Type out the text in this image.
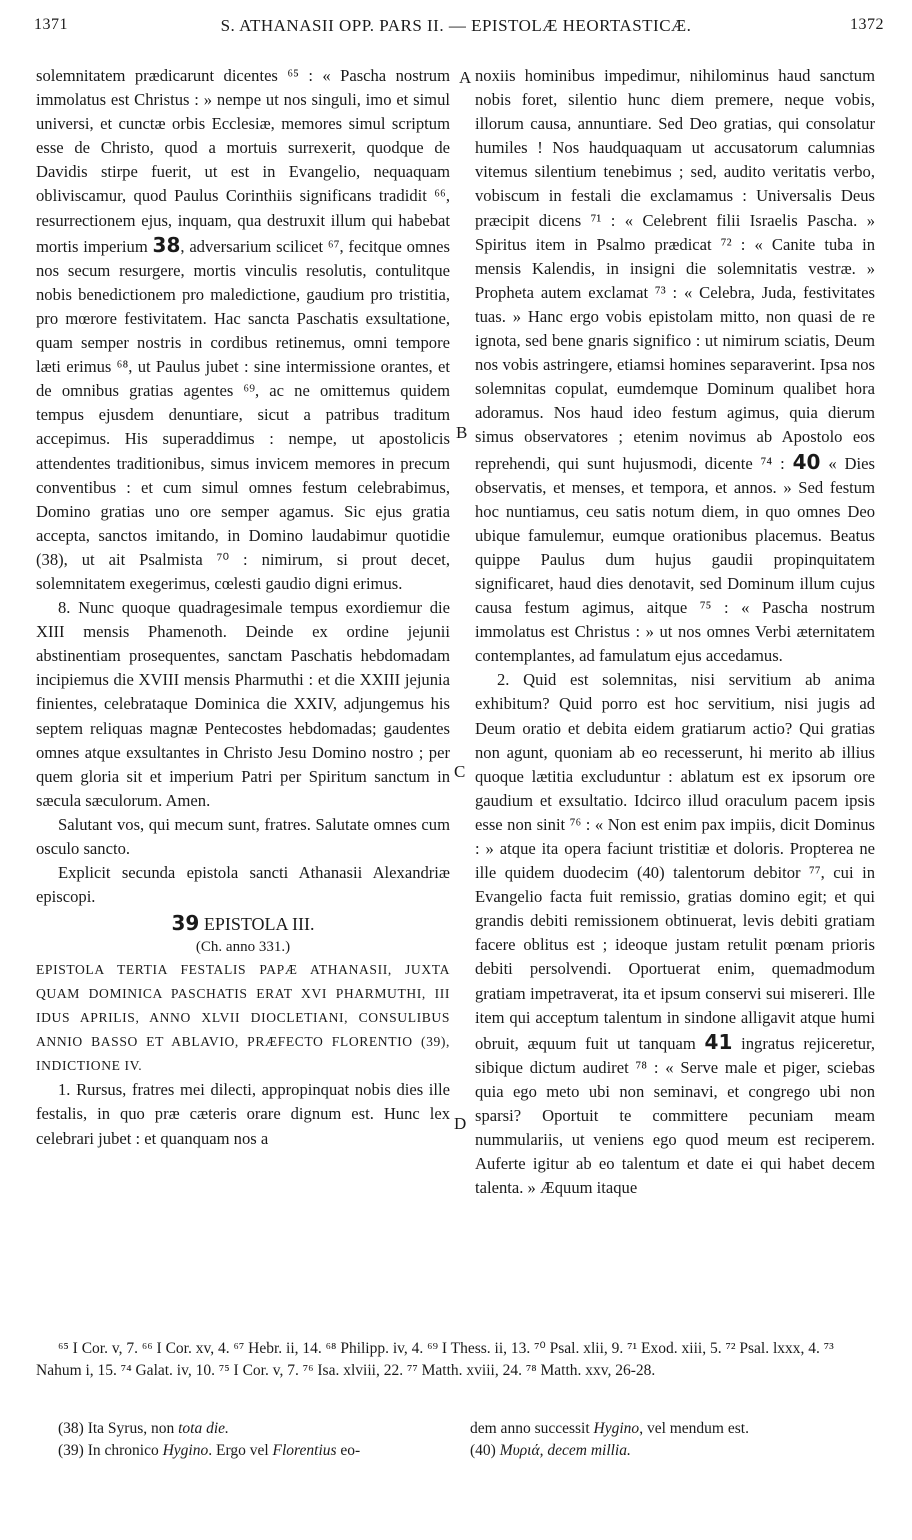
1371	S. ATHANASII OPP. PARS II. — EPISTOLÆ HEORTASTICÆ.	1372
A
B
C
D

solemnitatem prædicarunt dicentes ⁶⁵ : « Pascha nostrum immolatus est Christus : » nempe ut nos singuli, imo et simul universi, et cunctæ orbis Ecclesiæ, memores simul scriptum esse de Christo, quod a mortuis surrexerit, quodque de Davidis stirpe fuerit, ut est in Evangelio, nequaquam obliviscamur, quod Paulus Corinthiis significans tradidit ⁶⁶, resurrectionem ejus, inquam, qua destruxit illum qui habebat mortis imperium 38, adversarium scilicet ⁶⁷, fecitque omnes nos secum resurgere, mortis vinculis resolutis, contulitque nobis benedictionem pro maledictione, gaudium pro tristitia, pro mœrore festivitatem. Hac sancta Paschatis exsultatione, quam semper nostris in cordibus retinemus, omni tempore læti erimus ⁶⁸, ut Paulus jubet : sine intermissione orantes, et de omnibus gratias agentes ⁶⁹, ac ne omittemus quidem tempus ejusdem denuntiare, sicut a patribus traditum accepimus. His superaddimus : nempe, ut apostolicis attendentes traditionibus, simus invicem memores in precum conventibus : et cum simul omnes festum celebrabimus, Domino gratias uno ore semper agamus. Sic ejus gratia accepta, sanctos imitando, in Domino laudabimur quotidie (38), ut ait Psalmista ⁷⁰ : nimirum, si prout decet, solemnitatem exegerimus, cœlesti gaudio digni erimus.

8. Nunc quoque quadragesimale tempus exordiemur die XIII mensis Phamenoth. Deinde ex ordine jejunii abstinentiam prosequentes, sanctam Paschatis hebdomadam incipiemus die XVIII mensis Pharmuthi : et die XXIII jejunia finientes, celebrataque Dominica die XXIV, adjungemus his septem reliquas magnæ Pentecostes hebdomadas; gaudentes omnes atque exsultantes in Christo Jesu Domino nostro ; per quem gloria sit et imperium Patri per Spiritum sanctum in sæcula sæculorum. Amen.

Salutant vos, qui mecum sunt, fratres. Salutate omnes cum osculo sancto.

Explicit secunda epistola sancti Athanasii Alexandriæ episcopi.

39 EPISTOLA III.
(Ch. anno 331.)

EPISTOLA TERTIA FESTALIS PAPÆ ATHANASII, JUXTA QUAM DOMINICA PASCHATIS ERAT XVI PHARMUTHI, III IDUS APRILIS, ANNO XLVII DIOCLETIANI, CONSULIBUS ANNIO BASSO ET ABLAVIO, PRÆFECTO FLORENTIO (39), INDICTIONE IV.

1. Rursus, fratres mei dilecti, appropinquat nobis dies ille festalis, in quo præ cæteris orare dignum est. Hunc lex celebrari jubet : et quanquam nos a

noxiis hominibus impedimur, nihilominus haud sanctum nobis foret, silentio hunc diem premere, neque vobis, illorum causa, annuntiare. Sed Deo gratias, qui consolatur humiles ! Nos haudquaquam ut accusatorum calumnias vitemus silentium tenebimus ; sed, audito veritatis verbo, vobiscum in festali die exclamamus : Universalis Deus præcipit dicens ⁷¹ : « Celebrent filii Israelis Pascha. » Spiritus item in Psalmo prædicat ⁷² : « Canite tuba in mensis Kalendis, in insigni die solemnitatis vestræ. » Propheta autem exclamat ⁷³ : « Celebra, Juda, festivitates tuas. » Hanc ergo vobis epistolam mitto, non quasi de re ignota, sed bene gnaris significo : ut nimirum sciatis, Deum nos vobis astringere, etiamsi homines separaverint. Ipsa nos solemnitas copulat, eumdemque Dominum qualibet hora adoramus. Nos haud ideo festum agimus, quia dierum simus observatores ; etenim novimus ab Apostolo eos reprehendi, qui sunt hujusmodi, dicente ⁷⁴ : 40 « Dies observatis, et menses, et tempora, et annos. » Sed festum hoc nuntiamus, ceu satis notum diem, in quo omnes Deo ubique famulemur, eumque orationibus placemus. Beatus quippe Paulus dum hujus gaudii propinquitatem significaret, haud dies denotavit, sed Dominum illum cujus causa festum agimus, aitque ⁷⁵ : « Pascha nostrum immolatus est Christus : » ut nos omnes Verbi æternitatem contemplantes, ad famulatum ejus accedamus.

2. Quid est solemnitas, nisi servitium ab anima exhibitum? Quid porro est hoc servitium, nisi jugis ad Deum oratio et debita eidem gratiarum actio? Qui gratias non agunt, quoniam ab eo recesserunt, hi merito ab illius quoque lætitia excluduntur : ablatum est ex ipsorum ore gaudium et exsultatio. Idcirco illud oraculum pacem ipsis esse non sinit ⁷⁶ : « Non est enim pax impiis, dicit Dominus : » atque ita opera faciunt tristitiæ et doloris. Propterea ne ille quidem duodecim (40) talentorum debitor ⁷⁷, cui in Evangelio facta fuit remissio, gratias domino egit; et qui grandis debiti remissionem obtinuerat, levis debiti gratiam facere oblitus est ; ideoque justam retulit pœnam prioris debiti persolvendi. Oportuerat enim, quemadmodum gratiam impetraverat, ita et ipsum conservi sui misereri. Ille item qui acceptum talentum in sindone alligavit atque humi obruit, æquum fuit ut tanquam 41 ingratus rejiceretur, sibique dictum audiret ⁷⁸ : « Serve male et piger, sciebas quia ego meto ubi non seminavi, et congrego ubi non sparsi? Oportuit te committere pecuniam meam nummulariis, ut veniens ego quod meum est reciperem. Auferte igitur ab eo talentum et date ei qui habet decem talenta. » Æquum itaque

⁶⁵ I Cor. v, 7. ⁶⁶ I Cor. xv, 4. ⁶⁷ Hebr. ii, 14. ⁶⁸ Philipp. iv, 4. ⁶⁹ I Thess. ii, 13. ⁷⁰ Psal. xlii, 9. ⁷¹ Exod. xiii, 5. ⁷² Psal. lxxx, 4. ⁷³ Nahum i, 15. ⁷⁴ Galat. iv, 10. ⁷⁵ I Cor. v, 7. ⁷⁶ Isa. xlviii, 22. ⁷⁷ Matth. xviii, 24. ⁷⁸ Matth. xxv, 26-28.

(38) Ita Syrus, non tota die.

(39) In chronico Hygino. Ergo vel Florentius eo-

dem anno successit Hygino, vel mendum est.

(40) Μυριά, decem millia.
